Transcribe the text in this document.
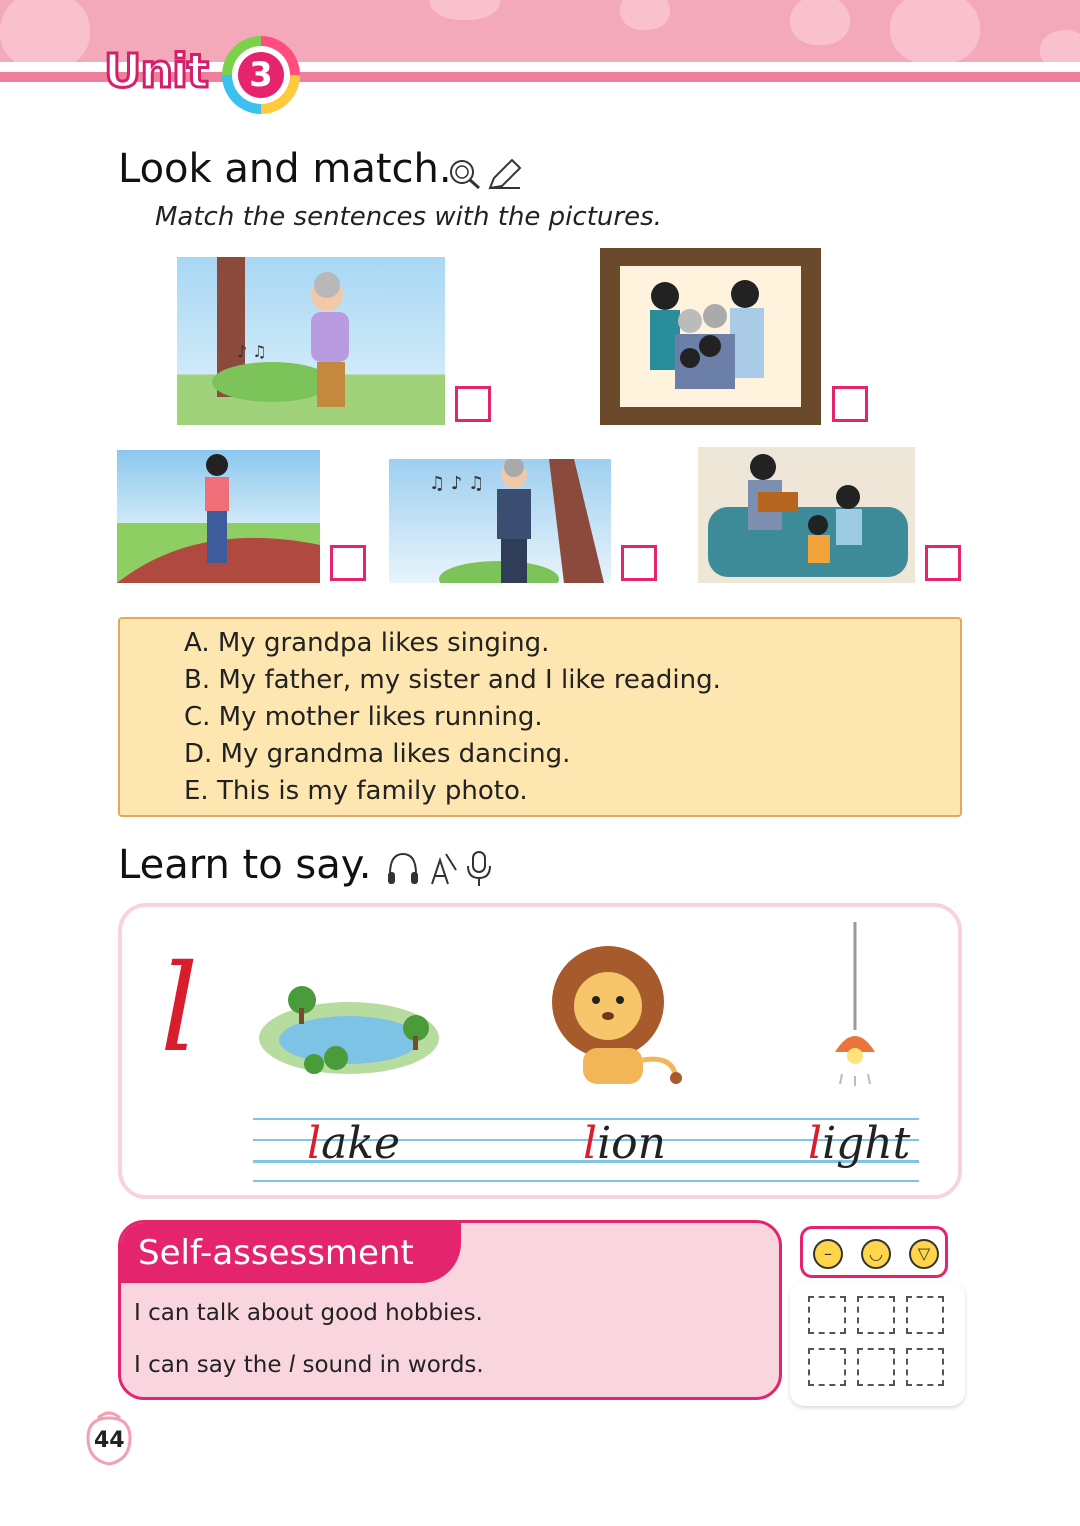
Unit	3
Look and match.
Match the sentences with the pictures.
♪ ♫
♫ ♪ ♫
A. My grandpa likes singing.
B. My father, my sister and I like reading.
C. My mother likes running.
D. My grandma likes dancing.
E. This is my family photo.
Learn to say.
l
lake	lion	light
Self-assessment
I can talk about good hobbies.
I can say the l sound in words.
–	◡	▽
44
